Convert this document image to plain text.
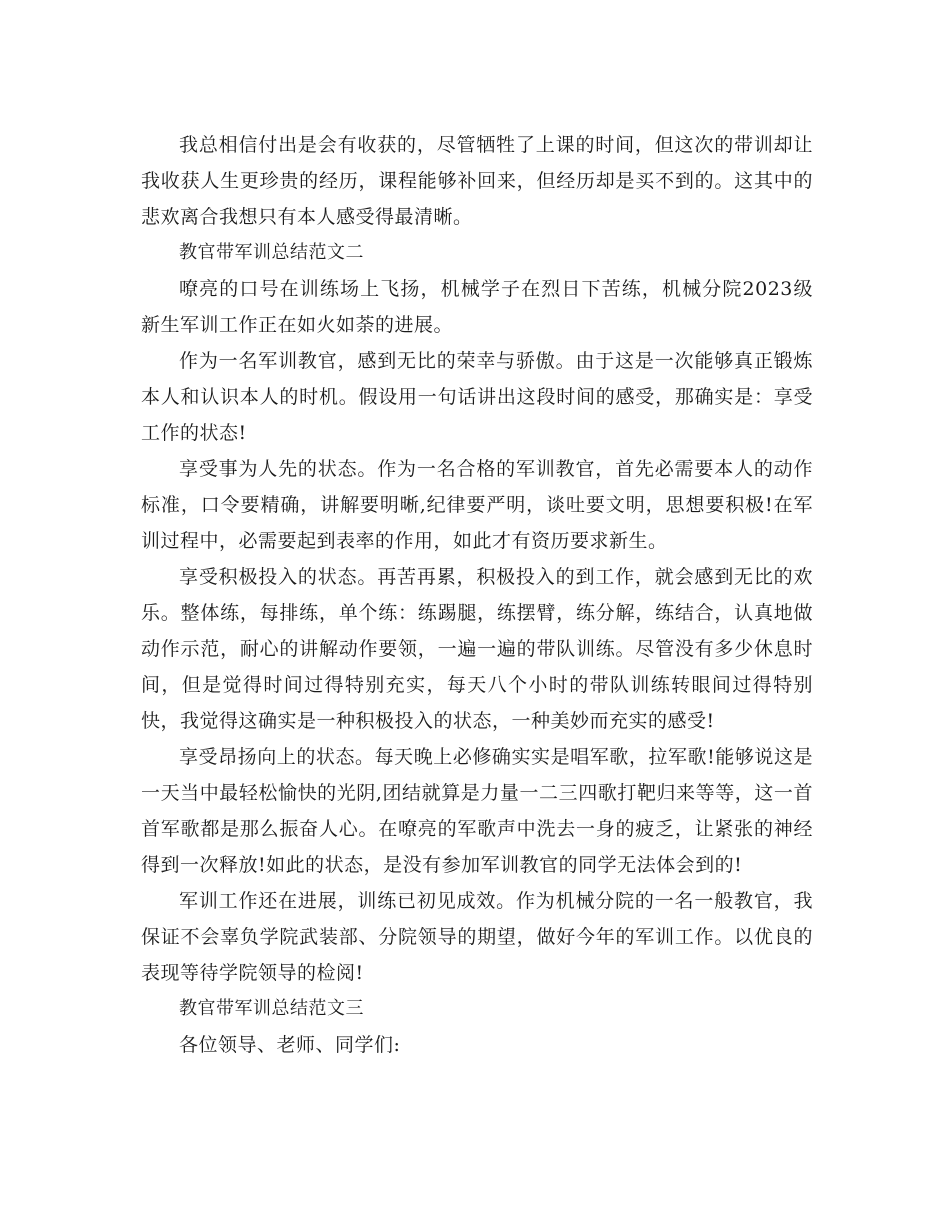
我总相信付出是会有收获的，尽管牺牲了上课的时间，但这次的带训却让我收获人生更珍贵的经历，课程能够补回来，但经历却是买不到的。这其中的悲欢离合我想只有本人感受得最清晰。

教官带军训总结范文二

嘹亮的口号在训练场上飞扬，机械学子在烈日下苦练，机械分院2023级新生军训工作正在如火如荼的进展。

作为一名军训教官，感到无比的荣幸与骄傲。由于这是一次能够真正锻炼本人和认识本人的时机。假设用一句话讲出这段时间的感受，那确实是：享受工作的状态!

享受事为人先的状态。作为一名合格的军训教官，首先必需要本人的动作标准，口令要精确，讲解要明晰,纪律要严明，谈吐要文明，思想要积极!在军训过程中，必需要起到表率的作用，如此才有资历要求新生。

享受积极投入的状态。再苦再累，积极投入的到工作，就会感到无比的欢乐。整体练，每排练，单个练：练踢腿，练摆臂，练分解，练结合，认真地做动作示范，耐心的讲解动作要领，一遍一遍的带队训练。尽管没有多少休息时间，但是觉得时间过得特别充实，每天八个小时的带队训练转眼间过得特别快，我觉得这确实是一种积极投入的状态，一种美妙而充实的感受!

享受昂扬向上的状态。每天晚上必修确实实是唱军歌，拉军歌!能够说这是一天当中最轻松愉快的光阴,团结就算是力量一二三四歌打靶归来等等，这一首首军歌都是那么振奋人心。在嘹亮的军歌声中洗去一身的疲乏，让紧张的神经得到一次释放!如此的状态，是没有参加军训教官的同学无法体会到的!

军训工作还在进展，训练已初见成效。作为机械分院的一名一般教官，我保证不会辜负学院武装部、分院领导的期望，做好今年的军训工作。以优良的表现等待学院领导的检阅!

教官带军训总结范文三

各位领导、老师、同学们:
